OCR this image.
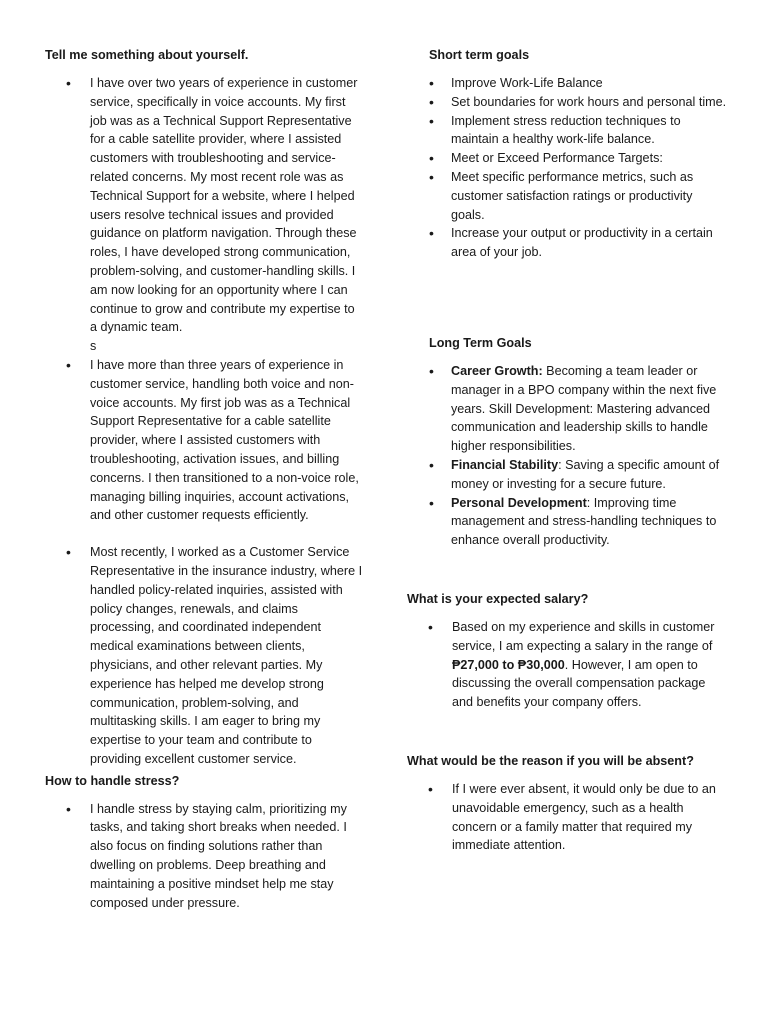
Tell me something about yourself.

• I have over two years of experience in customer service, specifically in voice accounts. My first job was as a Technical Support Representative for a cable satellite provider, where I assisted customers with troubleshooting and service-related concerns. My most recent role was as Technical Support for a website, where I helped users resolve technical issues and provided guidance on platform navigation. Through these roles, I have developed strong communication, problem-solving, and customer-handling skills. I am now looking for an opportunity where I can continue to grow and contribute my expertise to a dynamic team.
s
• I have more than three years of experience in customer service, handling both voice and non-voice accounts. My first job was as a Technical Support Representative for a cable satellite provider, where I assisted customers with troubleshooting, activation issues, and billing concerns. I then transitioned to a non-voice role, managing billing inquiries, account activations, and other customer requests efficiently.
• Most recently, I worked as a Customer Service Representative in the insurance industry, where I handled policy-related inquiries, assisted with policy changes, renewals, and claims processing, and coordinated independent medical examinations between clients, physicians, and other relevant parties. My experience has helped me develop strong communication, problem-solving, and multitasking skills. I am eager to bring my expertise to your team and contribute to providing excellent customer service.

How to handle stress?

• I handle stress by staying calm, prioritizing my tasks, and taking short breaks when needed. I also focus on finding solutions rather than dwelling on problems. Deep breathing and maintaining a positive mindset help me stay composed under pressure.

Short term goals

• Improve Work-Life Balance
• Set boundaries for work hours and personal time.
• Implement stress reduction techniques to maintain a healthy work-life balance.
• Meet or Exceed Performance Targets:
• Meet specific performance metrics, such as customer satisfaction ratings or productivity goals.
• Increase your output or productivity in a certain area of your job.

Long Term Goals

• Career Growth: Becoming a team leader or manager in a BPO company within the next five years. Skill Development: Mastering advanced communication and leadership skills to handle higher responsibilities.
• Financial Stability: Saving a specific amount of money or investing for a secure future.
• Personal Development: Improving time management and stress-handling techniques to enhance overall productivity.

What is your expected salary?

• Based on my experience and skills in customer service, I am expecting a salary in the range of ₱27,000 to ₱30,000. However, I am open to discussing the overall compensation package and benefits your company offers.

What would be the reason if you will be absent?

• If I were ever absent, it would only be due to an unavoidable emergency, such as a health concern or a family matter that required my immediate attention.
